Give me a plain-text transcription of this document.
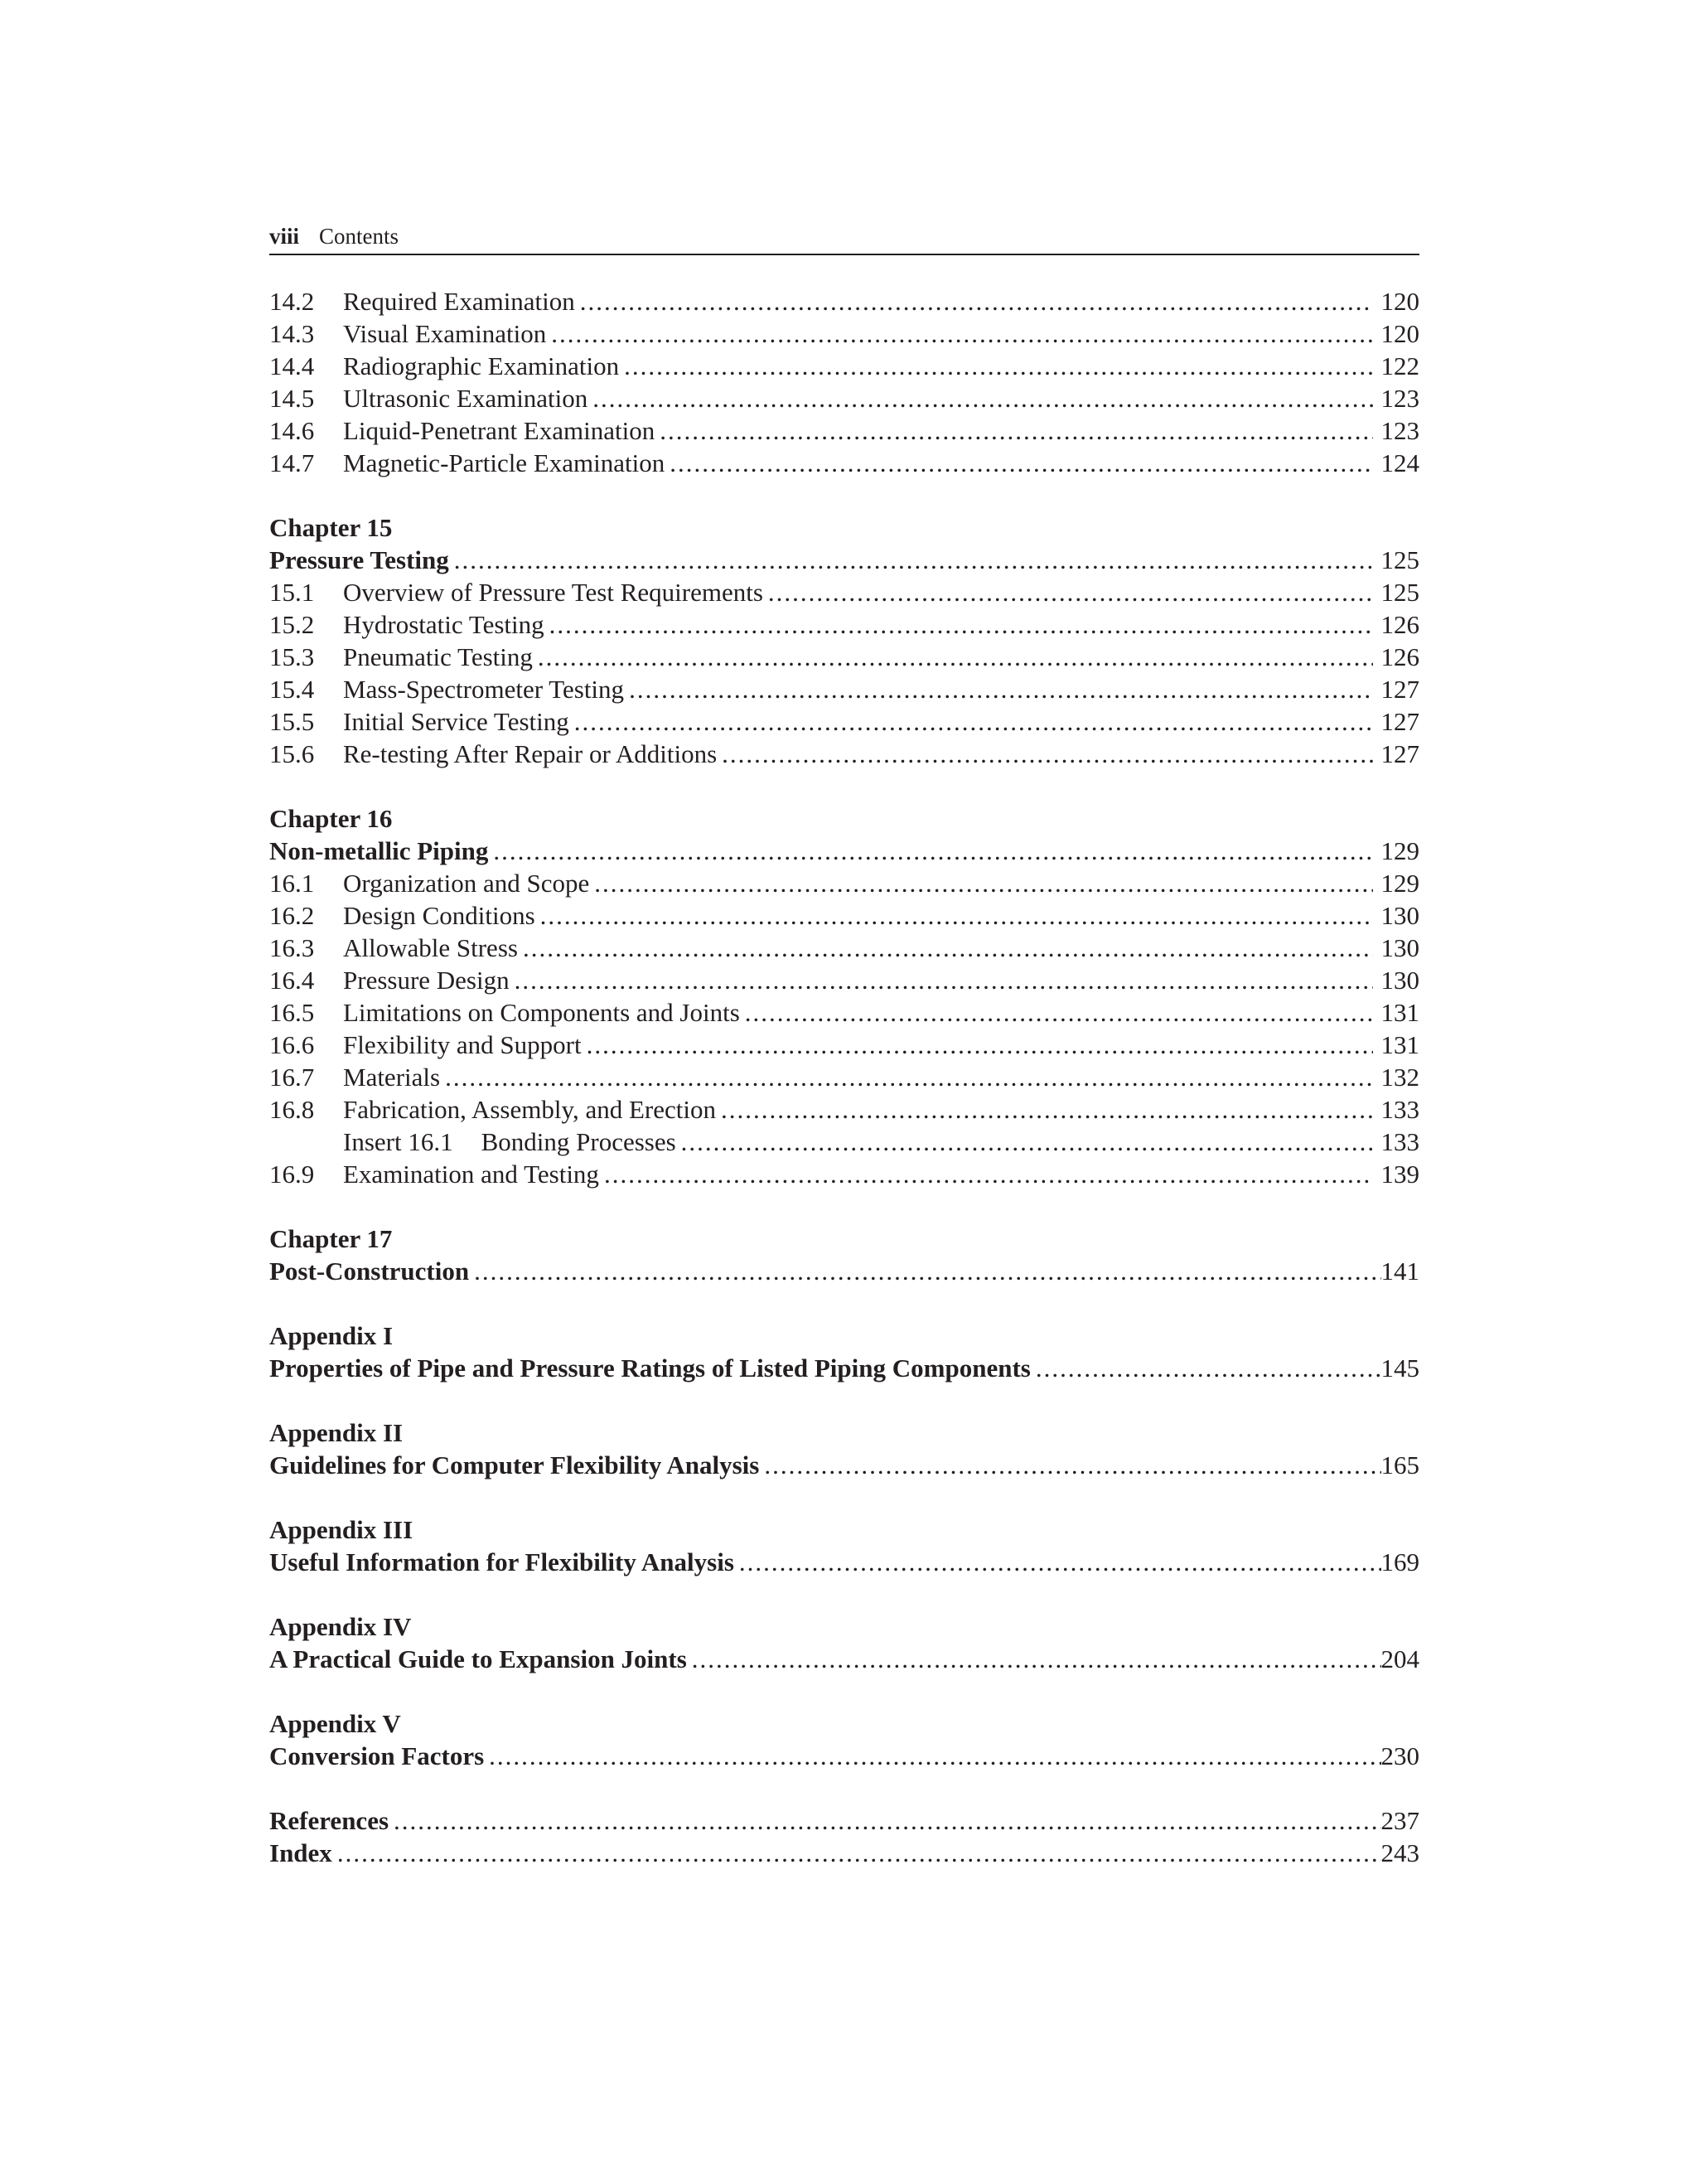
viii Contents
14.2	Required Examination .....	120
14.3	Visual Examination .....	120
14.4	Radiographic Examination .....	122
14.5	Ultrasonic Examination .....	123
14.6	Liquid-Penetrant Examination .....	123
14.7	Magnetic-Particle Examination .....	124
Chapter 15
Pressure Testing .....	125
15.1	Overview of Pressure Test Requirements .....	125
15.2	Hydrostatic Testing .....	126
15.3	Pneumatic Testing .....	126
15.4	Mass-Spectrometer Testing .....	127
15.5	Initial Service Testing .....	127
15.6	Re-testing After Repair or Additions .....	127
Chapter 16
Non-metallic Piping .....	129
16.1	Organization and Scope .....	129
16.2	Design Conditions .....	130
16.3	Allowable Stress .....	130
16.4	Pressure Design .....	130
16.5	Limitations on Components and Joints .....	131
16.6	Flexibility and Support .....	131
16.7	Materials .....	132
16.8	Fabrication, Assembly, and Erection .....	133
Insert 16.1 Bonding Processes .....	133
16.9	Examination and Testing .....	139
Chapter 17
Post-Construction .....	141
Appendix I
Properties of Pipe and Pressure Ratings of Listed Piping Components .....	145
Appendix II
Guidelines for Computer Flexibility Analysis .....	165
Appendix III
Useful Information for Flexibility Analysis .....	169
Appendix IV
A Practical Guide to Expansion Joints .....	204
Appendix V
Conversion Factors .....	230
References .....	237
Index .....	243
